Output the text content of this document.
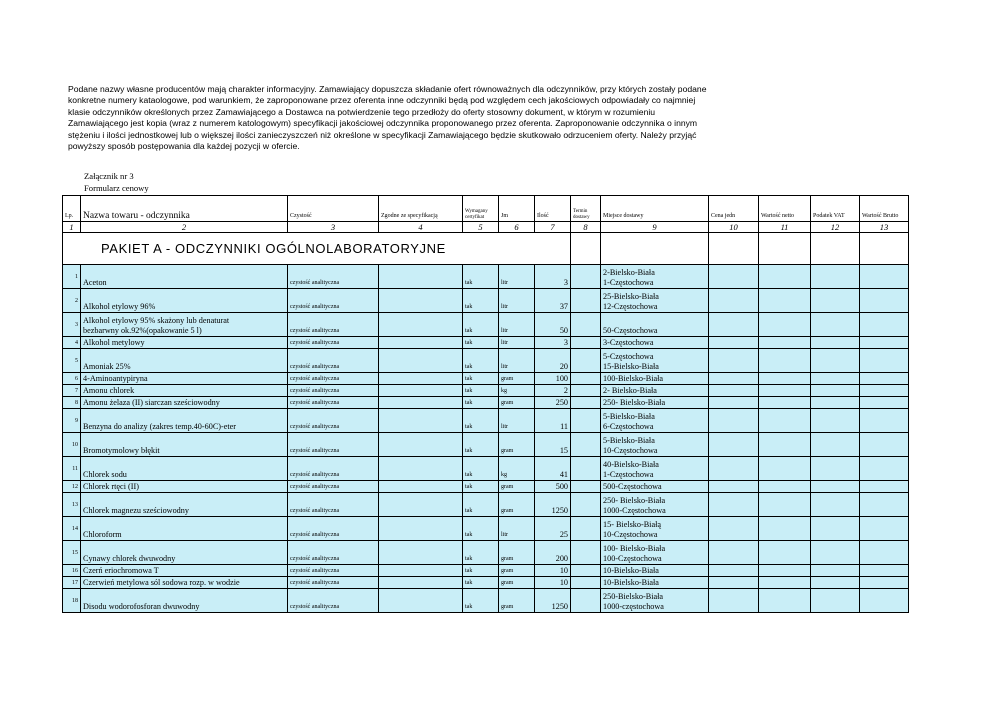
Podane nazwy własne producentów mają charakter informacyjny. Zamawiający dopuszcza składanie ofert równoważnych dla odczynników, przy których zostały podane konkretne numery kataologowe, pod warunkiem, że zaproponowane przez oferenta inne odczynniki będą pod względem cech jakościowych odpowiadały co najmniej klasie odczynników określonych przez Zamawiającego a Dostawca na potwierdzenie tego przedłoży do oferty stosowny dokument, w którym w rozumieniu Zamawiającego jest kopia (wraz z numerem katologowym) specyfikacji jakościowej odczynnika proponowanego przez oferenta. Zaproponowanie odczynnika o innym stężeniu i ilości jednostkowej lub o większej ilości zanieczyszczeń niż określone w specyfikacji Zamawiającego będzie skutkowało odrzuceniem oferty. Należy przyjąć powyższy sposób postępowania dla każdej pozycji w ofercie.

Załącznik nr 3
Formularz cenowy
Lp.	Nazwa towaru - odczynnika	Czystość	Zgodne ze specyfikacją	Wymagany certyfikat	Jm	Ilość	Termin dostawy	Miejsce dostawy	Cena jedn	Wartość netto	Podatek VAT	Wartość Brutto
1	2	3	4	5	6	7	8	9	10	11	12	13
PAKIET A - ODCZYNNIKI OGÓLNOLABORATORYJNE												
1	Aceton	czystość analityczna		tak	litr	3		2-Bielsko-Biała
1-Częstochowa				

2	Alkohol etylowy 96%	czystość analityczna		tak	litr	37		25-Bielsko-Biała
12-Częstochowa				

3	Alkohol etylowy 95% skażony lub denaturat
bezbarwny ok.92%(opakowanie 5 l)	czystość analityczna		tak	litr	50		50-Częstochowa				

4	Alkohol metylowy	czystość analityczna		tak	litr	3		3-Częstochowa				

5	Amoniak 25%	czystość analityczna		tak	litr	20		5-Częstochowa
15-Bielsko-Biała				

6	4-Aminoantypiryna	czystość analityczna		tak	gram	100		100-Bielsko-Biała				

7	Amonu chlorek	czystość analityczna		tak	kg	2		2- Bielsko-Biała				

8	Amonu żelaza (II) siarczan sześciowodny	czystość analityczna		tak	gram	250		250- Bielsko-Biała				

9	Benzyna do analizy (zakres temp.40-60C)-eter	czystość analityczna		tak	litr	11		5-Bielsko-Biała
6-Częstochowa				

10	Bromotymolowy błękit	czystość analityczna		tak	gram	15		5-Bielsko-Biała
10-Częstochowa				

11	Chlorek sodu	czystość analityczna		tak	kg	41		40-Bielsko-Biała
1-Częstochowa				

12	Chlorek rtęci (II)	czystość analityczna		tak	gram	500		500-Częstochowa				

13	Chlorek magnezu sześciowodny	czystość analityczna		tak	gram	1250		250- Bielsko-Biała
1000-Częstochowa				

14	Chloroform	czystość analityczna		tak	litr	25		15- Bielsko-Białą
10-Częstochowa				

15	Cynawy chlorek dwuwodny	czystość analityczna		tak	gram	200		100- Bielsko-Biała
100-Częstochowa				

16	Czerń eriochromowa T	czystość analityczna		tak	gram	10		10-Bielsko-Biała				

17	Czerwień metylowa sól sodowa rozp. w wodzie	czystość analityczna		tak	gram	10		10-Bielsko-Biała				

18	Disodu wodorofosforan dwuwodny	czystość analityczna		tak	gram	1250		250-Bielsko-Biała
1000-częstochowa				
